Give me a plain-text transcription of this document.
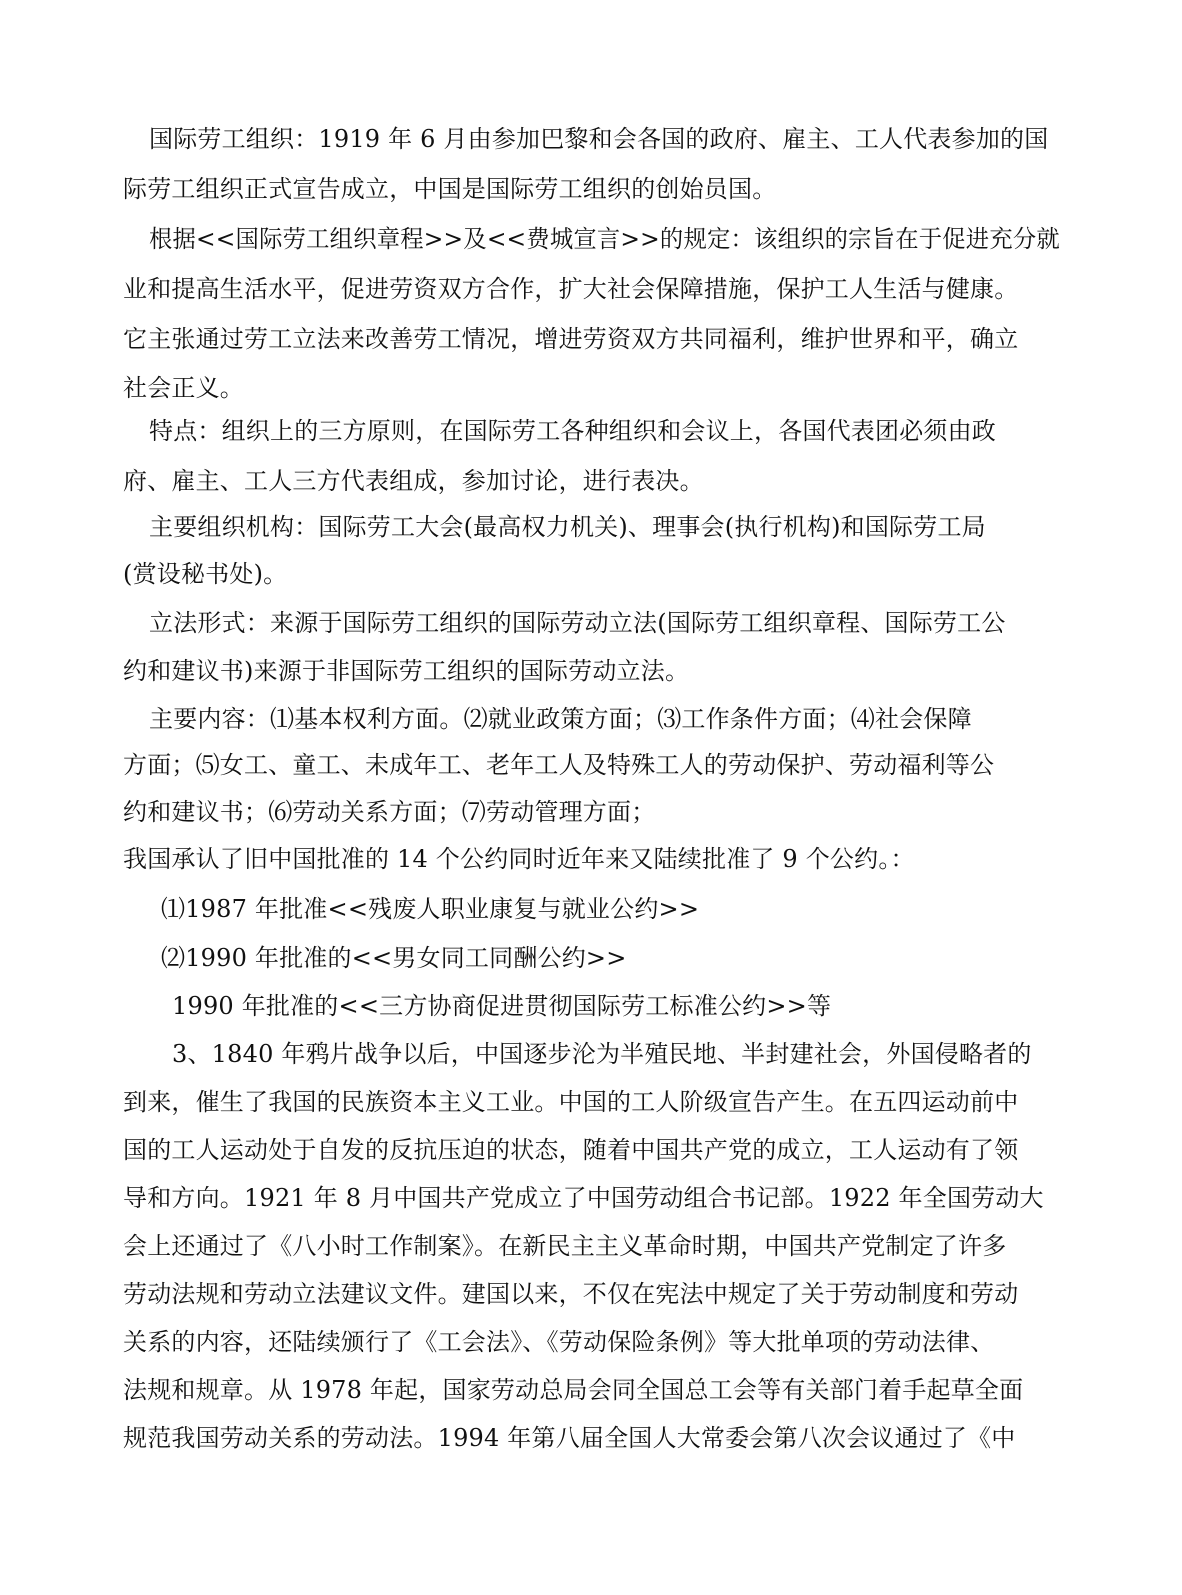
国际劳工组织：1919 年 6 月由参加巴黎和会各国的政府、雇主、工人代表参加的国
际劳工组织正式宣告成立，中国是国际劳工组织的创始员国。
根据<<国际劳工组织章程>>及<<费城宣言>>的规定：该组织的宗旨在于促进充分就
业和提高生活水平，促进劳资双方合作，扩大社会保障措施，保护工人生活与健康。
它主张通过劳工立法来改善劳工情况，增进劳资双方共同福利，维护世界和平，确立
社会正义。
特点：组织上的三方原则，在国际劳工各种组织和会议上，各国代表团必须由政
府、雇主、工人三方代表组成，参加讨论，进行表决。
主要组织机构：国际劳工大会(最高权力机关)、理事会(执行机构)和国际劳工局
(赏设秘书处)。
立法形式：来源于国际劳工组织的国际劳动立法(国际劳工组织章程、国际劳工公
约和建议书)来源于非国际劳工组织的国际劳动立法。
主要内容：⑴基本权利方面。⑵就业政策方面；⑶工作条件方面；⑷社会保障
方面；⑸女工、童工、未成年工、老年工人及特殊工人的劳动保护、劳动福利等公
约和建议书；⑹劳动关系方面；⑺劳动管理方面；
我国承认了旧中国批准的 14 个公约同时近年来又陆续批准了 9 个公约。：
⑴1987 年批准<<残废人职业康复与就业公约>>
⑵1990 年批准的<<男女同工同酬公约>>
1990 年批准的<<三方协商促进贯彻国际劳工标准公约>>等
3、1840 年鸦片战争以后，中国逐步沦为半殖民地、半封建社会，外国侵略者的
到来，催生了我国的民族资本主义工业。中国的工人阶级宣告产生。在五四运动前中
国的工人运动处于自发的反抗压迫的状态，随着中国共产党的成立，工人运动有了领
导和方向。1921 年 8 月中国共产党成立了中国劳动组合书记部。1922 年全国劳动大
会上还通过了《八小时工作制案》。在新民主主义革命时期，中国共产党制定了许多
劳动法规和劳动立法建议文件。建国以来，不仅在宪法中规定了关于劳动制度和劳动
关系的内容，还陆续颁行了《工会法》、《劳动保险条例》等大批单项的劳动法律、
法规和规章。从 1978 年起，国家劳动总局会同全国总工会等有关部门着手起草全面
规范我国劳动关系的劳动法。1994 年第八届全国人大常委会第八次会议通过了《中
